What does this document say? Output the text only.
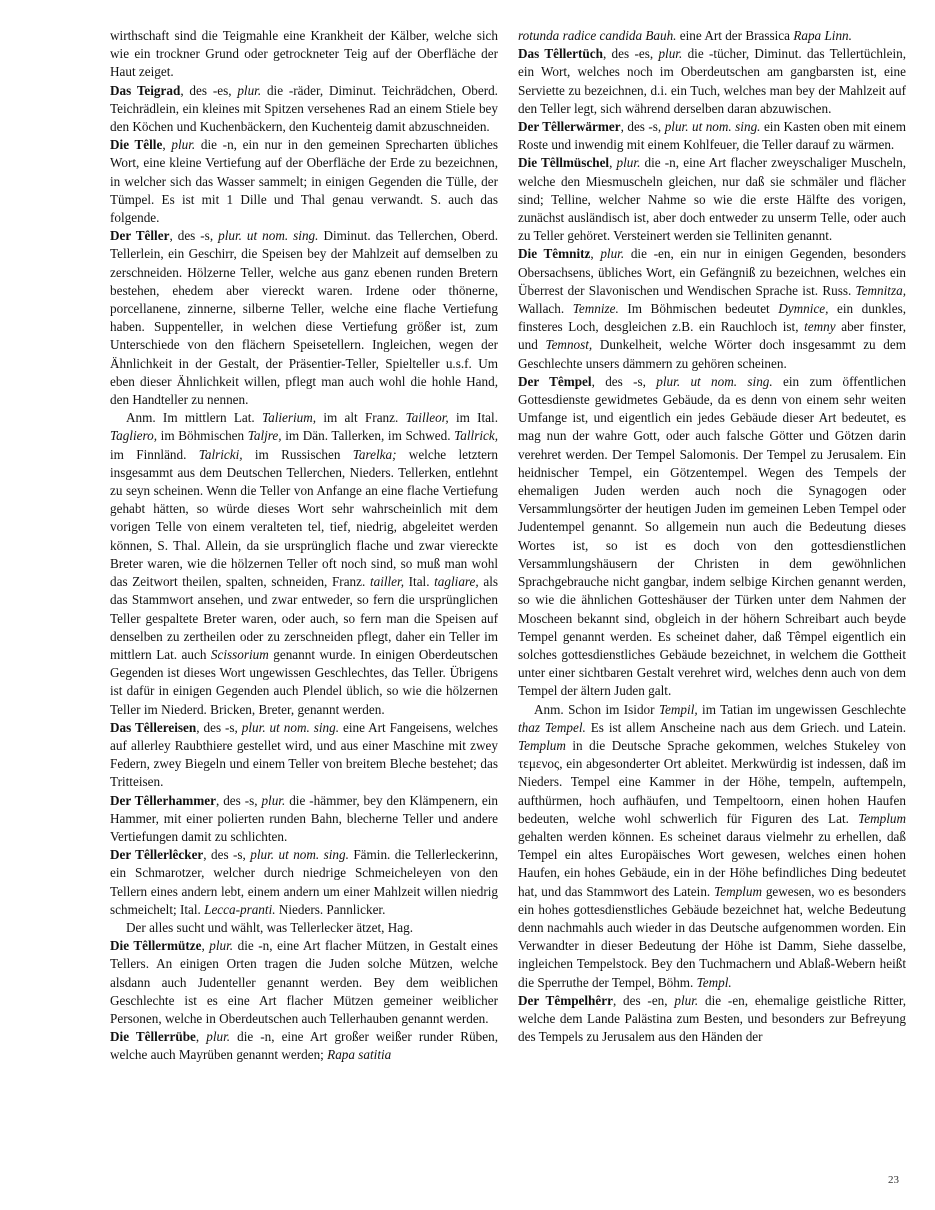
wirthschaft sind die Teigmahle eine Krankheit der Kälber, welche sich wie ein trockner Grund oder getrockneter Teig auf der Oberfläche der Haut zeiget.

Das Teigrad, des -es, plur. die -räder, Diminut. Teichrädchen, Oberd. Teichrädlein, ein kleines mit Spitzen versehenes Rad an einem Stiele bey den Köchen und Kuchenbäckern, den Kuchenteig damit abzuschneiden.

Die Têlle, plur. die -n, ein nur in den gemeinen Sprecharten übliches Wort, eine kleine Vertiefung auf der Oberfläche der Erde zu bezeichnen, in welcher sich das Wasser sammelt; in einigen Gegenden die Tülle, der Tümpel. Es ist mit 1 Dille und Thal genau verwandt. S. auch das folgende.

Der Têller, des -s, plur. ut nom. sing. Diminut. das Tellerchen, Oberd. Tellerlein, ein Geschirr, die Speisen bey der Mahlzeit auf demselben zu zerschneiden. Hölzerne Teller, welche aus ganz ebenen runden Bretern bestehen, ehedem aber viereckt waren. Irdene oder thönerne, porcellanene, zinnerne, silberne Teller, welche eine flache Vertiefung haben. Suppenteller, in welchen diese Vertiefung größer ist, zum Unterschiede von den flächern Speisetellern. Ingleichen, wegen der Ähnlichkeit in der Gestalt, der Präsentier-Teller, Spielteller u.s.f. Um eben dieser Ähnlichkeit willen, pflegt man auch wohl die hohle Hand, den Handteller zu nennen.

Anm. Im mittlern Lat. Talierium, im alt Franz. Tailleor, im Ital. Tagliero, im Böhmischen Taljre, im Dän. Tallerken, im Schwed. Tallrick, im Finnländ. Talricki, im Russischen Tarelka; welche letztern insgesammt aus dem Deutschen Tellerchen, Nieders. Tellerken, entlehnt zu seyn scheinen. Wenn die Teller von Anfange an eine flache Vertiefung gehabt hätten, so würde dieses Wort sehr wahrscheinlich mit dem vorigen Telle von einem veralteten tel, tief, niedrig, abgeleitet werden können, S. Thal. Allein, da sie ursprünglich flache und zwar viereckte Breter waren, wie die hölzernen Teller oft noch sind, so muß man wohl das Zeitwort theilen, spalten, schneiden, Franz. tailler, Ital. tagliare, als das Stammwort ansehen, und zwar entweder, so fern die ursprünglichen Teller gespaltete Breter waren, oder auch, so fern man die Speisen auf denselben zu zertheilen oder zu zerschneiden pflegt, daher ein Teller im mittlern Lat. auch Scissorium genannt wurde. In einigen Oberdeutschen Gegenden ist dieses Wort ungewissen Geschlechtes, das Teller. Übrigens ist dafür in einigen Gegenden auch Plendel üblich, so wie die hölzernen Teller im Niederd. Bricken, Breter, genannt werden.

Das Têllereisen, des -s, plur. ut nom. sing. eine Art Fangeisens, welches auf allerley Raubthiere gestellet wird, und aus einer Maschine mit zwey Federn, zwey Biegeln und einem Teller von breitem Bleche bestehet; das Tritteisen.

Der Têllerhammer, des -s, plur. die -hämmer, bey den Klämpenern, ein Hammer, mit einer polierten runden Bahn, blecherne Teller und andere Vertiefungen damit zu schlichten.

Der Têllerlêcker, des -s, plur. ut nom. sing. Fämin. die Tellerleckerinn, ein Schmarotzer, welcher durch niedrige Schmeicheleyen von den Tellern eines andern lebt, einem andern um einer Mahlzeit willen niedrig schmeichelt; Ital. Lecca-pranti. Nieders. Pannlicker.

Der alles sucht und wählt, was Tellerlecker ätzet, Hag.

Die Têllermütze, plur. die -n, eine Art flacher Mützen, in Gestalt eines Tellers. An einigen Orten tragen die Juden solche Mützen, welche alsdann auch Judenteller genannt werden. Bey dem weiblichen Geschlechte ist es eine Art flacher Mützen gemeiner weiblicher Personen, welche in Oberdeutschen auch Tellerhauben genannt werden.

Die Têllerrübe, plur. die -n, eine Art großer weißer runder Rüben, welche auch Mayrüben genannt werden; Rapa satitia

rotunda radice candida Bauh. eine Art der Brassica Rapa Linn.

Das Têllertüch, des -es, plur. die -tücher, Diminut. das Tellertüchlein, ein Wort, welches noch im Oberdeutschen am gangbarsten ist, eine Serviette zu bezeichnen, d.i. ein Tuch, welches man bey der Mahlzeit auf den Teller legt, sich während derselben daran abzuwischen.

Der Têllerwärmer, des -s, plur. ut nom. sing. ein Kasten oben mit einem Roste und inwendig mit einem Kohlfeuer, die Teller darauf zu wärmen.

Die Têllmüschel, plur. die -n, eine Art flacher zweyschaliger Muscheln, welche den Miesmuscheln gleichen, nur daß sie schmäler und flächer sind; Telline, welcher Nahme so wie die erste Hälfte des vorigen, zunächst ausländisch ist, aber doch entweder zu unserm Telle, oder auch zu Teller gehöret. Versteinert werden sie Telliniten genannt.

Die Têmnitz, plur. die -en, ein nur in einigen Gegenden, besonders Obersachsens, übliches Wort, ein Gefängniß zu bezeichnen, welches ein Überrest der Slavonischen und Wendischen Sprache ist. Russ. Temnitza, Wallach. Temnize. Im Böhmischen bedeutet Dymnice, ein dunkles, finsteres Loch, desgleichen z.B. ein Rauchloch ist, temny aber finster, und Temnost, Dunkelheit, welche Wörter doch insgesammt zu dem Geschlechte unsers dämmern zu gehören scheinen.

Der Têmpel, des -s, plur. ut nom. sing. ein zum öffentlichen Gottesdienste gewidmetes Gebäude, da es denn von einem sehr weiten Umfange ist, und eigentlich ein jedes Gebäude dieser Art bedeutet, es mag nun der wahre Gott, oder auch falsche Götter und Götzen darin verehret werden. Der Tempel Salomonis. Der Tempel zu Jerusalem. Ein heidnischer Tempel, ein Götzentempel. Wegen des Tempels der ehemaligen Juden werden auch noch die Synagogen oder Versammlungsörter der heutigen Juden im gemeinen Leben Tempel oder Judentempel genannt. So allgemein nun auch die Bedeutung dieses Wortes ist, so ist es doch von den gottesdienstlichen Versammlungshäusern der Christen in dem gewöhnlichen Sprachgebrauche nicht gangbar, indem selbige Kirchen genannt werden, so wie die ähnlichen Gotteshäuser der Türken unter dem Nahmen der Moscheen bekannt sind, obgleich in der höhern Schreibart auch beyde Tempel genannt werden. Es scheinet daher, daß Têmpel eigentlich ein solches gottesdienstliches Gebäude bezeichnet, in welchem die Gottheit unter einer sichtbaren Gestalt verehret wird, welches denn auch von dem Tempel der ältern Juden galt.

Anm. Schon im Isidor Tempil, im Tatian im ungewissen Geschlechte thaz Tempel. Es ist allem Anscheine nach aus dem Griech. und Latein. Templum in die Deutsche Sprache gekommen, welches Stukeley von τεμενος, ein abgesonderter Ort ableitet. Merkwürdig ist indessen, daß im Nieders. Tempel eine Kammer in der Höhe, tempeln, auftempeln, aufthürmen, hoch aufhäufen, und Tempeltoorn, einen hohen Haufen bedeuten, welche wohl schwerlich für Figuren des Lat. Templum gehalten werden können. Es scheinet daraus vielmehr zu erhellen, daß Tempel ein altes Europäisches Wort gewesen, welches einen hohen Haufen, ein hohes Gebäude, ein in der Höhe befindliches Ding bedeutet hat, und das Stammwort des Latein. Templum gewesen, wo es besonders ein hohes gottesdienstliches Gebäude bezeichnet hat, welche Bedeutung denn nachmahls auch wieder in das Deutsche aufgenommen worden. Ein Verwandter in dieser Bedeutung der Höhe ist Damm, Siehe dasselbe, ingleichen Tempelstock. Bey den Tuchmachern und Ablaß-Webern heißt die Sperruthe der Tempel, Böhm. Templ.

Der Têmpelhêrr, des -en, plur. die -en, ehemalige geistliche Ritter, welche dem Lande Palästina zum Besten, und besonders zur Befreyung des Tempels zu Jerusalem aus den Händen der

23
